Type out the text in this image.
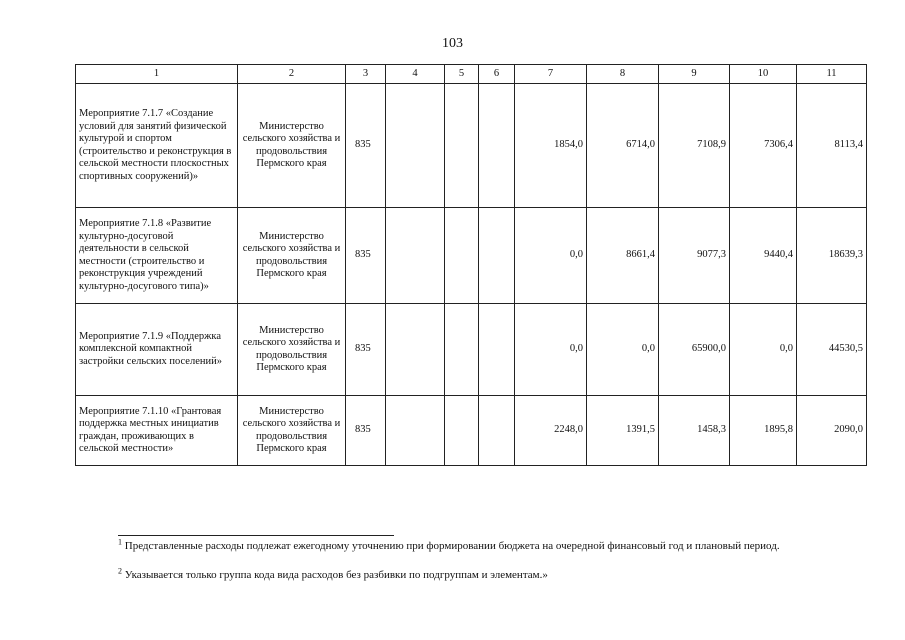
103
1	2	3	4	5	6	7	8	9	10	11
Мероприятие 7.1.7 «Создание условий для занятий физической культурой и спортом (строительство и реконструкция в сельской местности плоскостных спортивных сооружений)»	Министерство сельского хозяйства и продовольствия Пермского края	835				1854,0	6714,0	7108,9	7306,4	8113,4
Мероприятие 7.1.8 «Развитие культурно-досуговой деятельности в сельской местности (строительство и реконструкция учреждений культурно-досугового типа)»	Министерство сельского хозяйства и продовольствия Пермского края	835				0,0	8661,4	9077,3	9440,4	18639,3
Мероприятие 7.1.9 «Поддержка комплексной компактной застройки сельских поселений»	Министерство сельского хозяйства и продовольствия Пермского края	835				0,0	0,0	65900,0	0,0	44530,5
Мероприятие 7.1.10 «Грантовая поддержка местных инициатив граждан, проживающих в сельской местности»	Министерство сельского хозяйства и продовольствия Пермского края	835				2248,0	1391,5	1458,3	1895,8	2090,0
$^1$ Представленные расходы подлежат ежегодному уточнению при формировании бюджета на очередной финансовый год и плановый период.
$^2$ Указывается только группа кода вида расходов без разбивки по подгруппам и элементам.»
